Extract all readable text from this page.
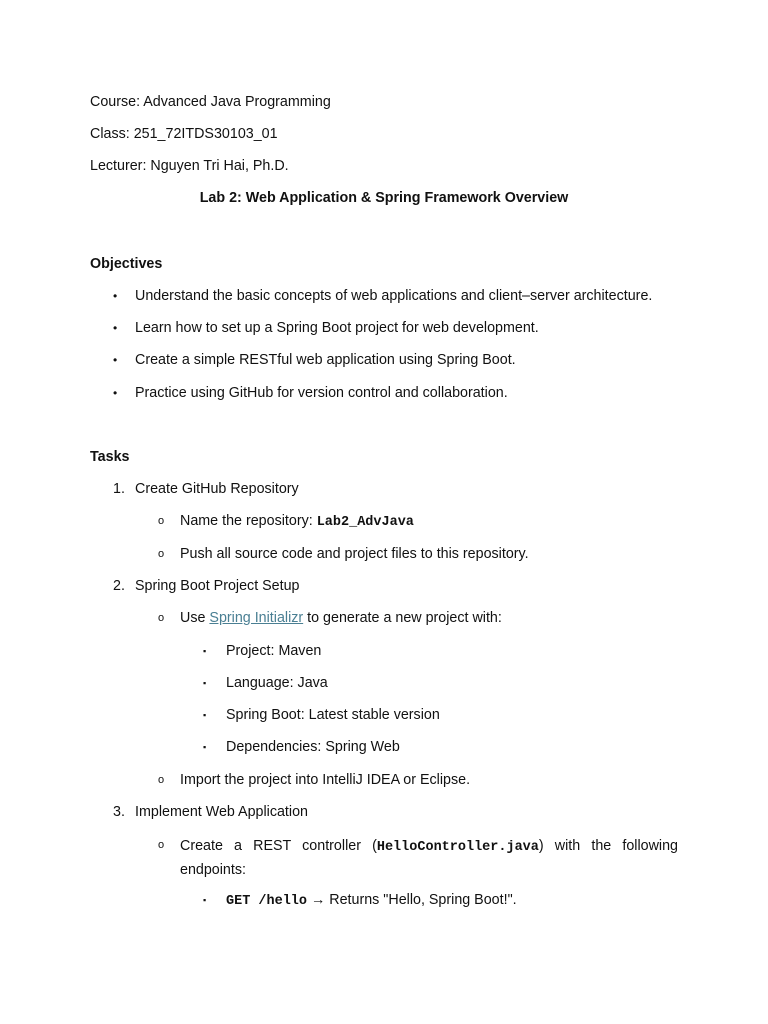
Course: Advanced Java Programming
Class: 251_72ITDS30103_01
Lecturer: Nguyen Tri Hai, Ph.D.
Lab 2: Web Application & Spring Framework Overview
Objectives
• Understand the basic concepts of web applications and client–server architecture.
• Learn how to set up a Spring Boot project for web development.
• Create a simple RESTful web application using Spring Boot.
• Practice using GitHub for version control and collaboration.
Tasks
1. Create GitHub Repository
o Name the repository: Lab2_AdvJava
o Push all source code and project files to this repository.
2. Spring Boot Project Setup
o Use Spring Initializr to generate a new project with:
▪ Project: Maven
▪ Language: Java
▪ Spring Boot: Latest stable version
▪ Dependencies: Spring Web
o Import the project into IntelliJ IDEA or Eclipse.
3. Implement Web Application
o Create a REST controller (HelloController.java) with the following endpoints:
▪ GET /hello → Returns "Hello, Spring Boot!".
